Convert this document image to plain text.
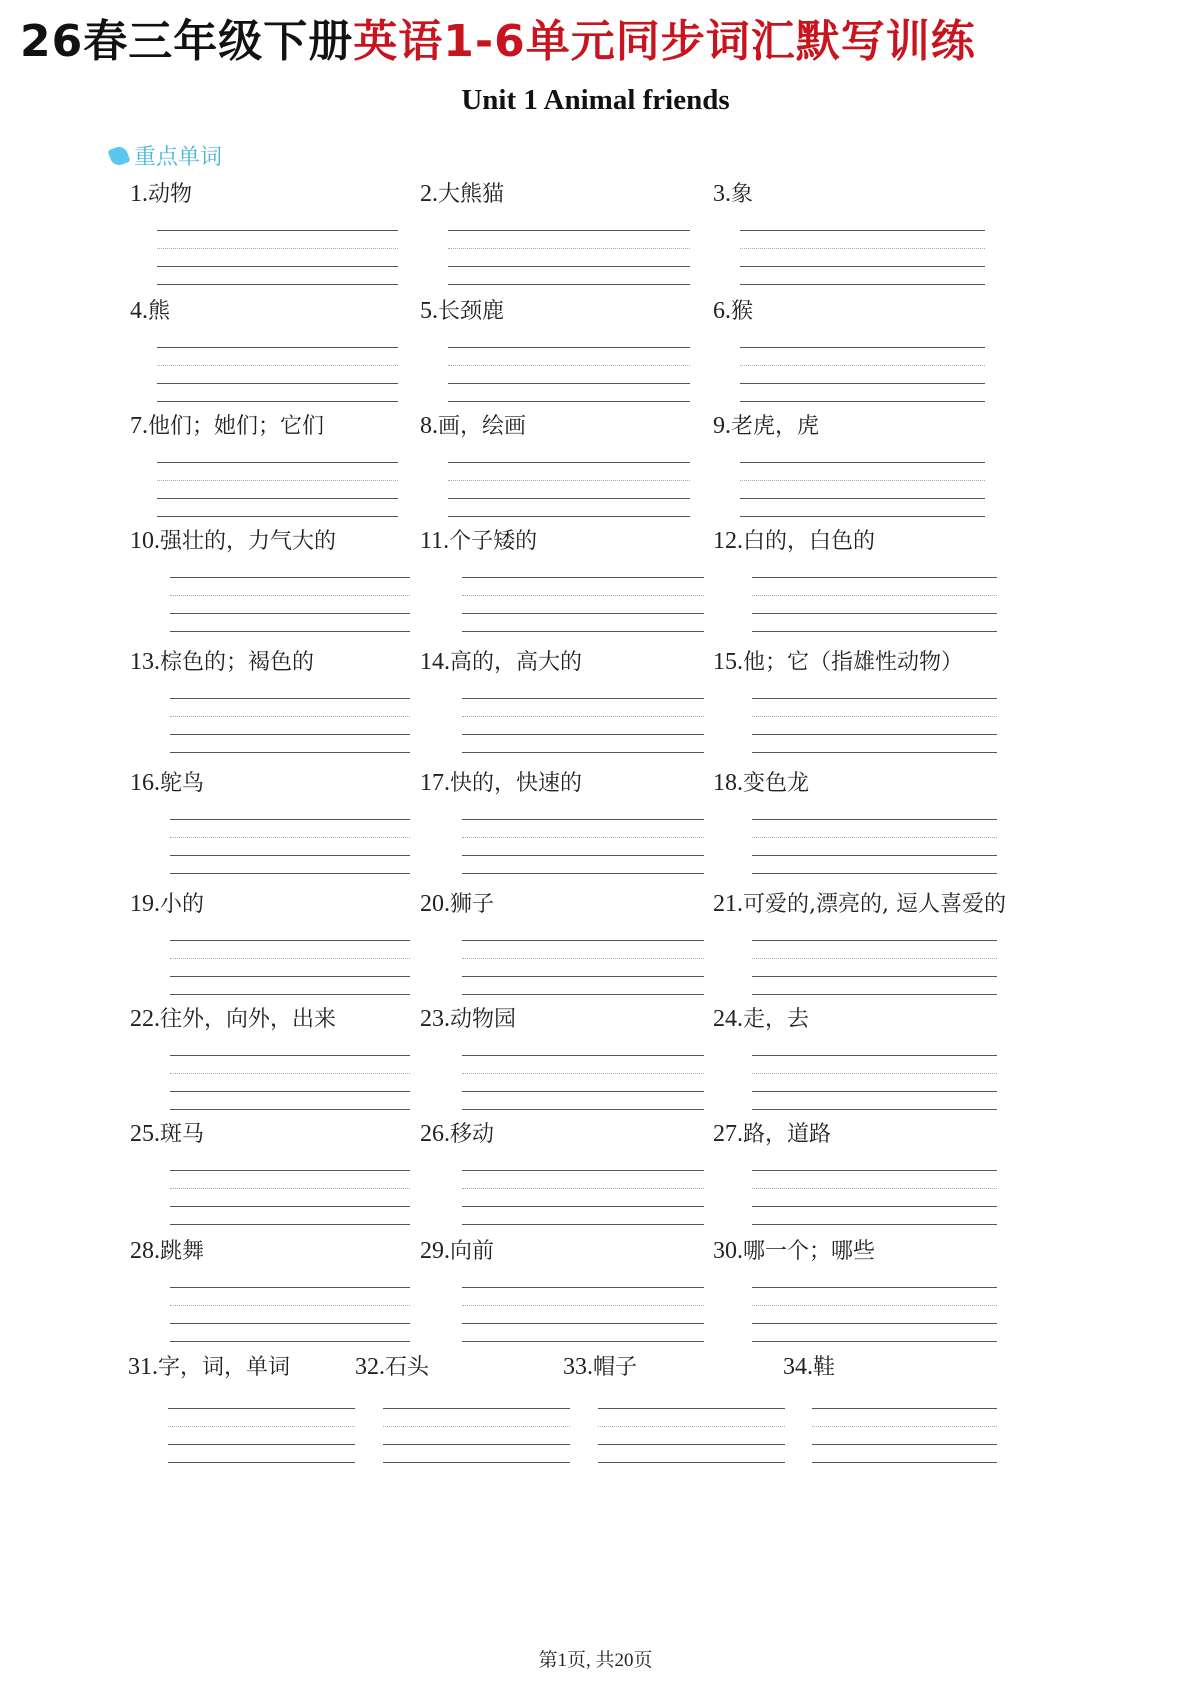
26春三年级下册英语1-6单元同步词汇默写训练
Unit 1 Animal friends
重点单词
1.动物	2.大熊猫	3.象
4.熊	5.长颈鹿	6.猴
7.他们；她们；它们	8.画，绘画	9.老虎，虎
10.强壮的，力气大的	11.个子矮的	12.白的，白色的
13.棕色的；褐色的	14.高的，高大的	15.他；它（指雄性动物）
16.鸵鸟	17.快的，快速的	18.变色龙
19.小的	20.狮子	21.可爱的,漂亮的, 逗人喜爱的
22.往外，向外，出来	23.动物园	24.走，去
25.斑马	26.移动	27.路，道路
28.跳舞	29.向前	30.哪一个；哪些
31.字，词，单词	32.石头	33.帽子	34.鞋
第1页, 共20页
